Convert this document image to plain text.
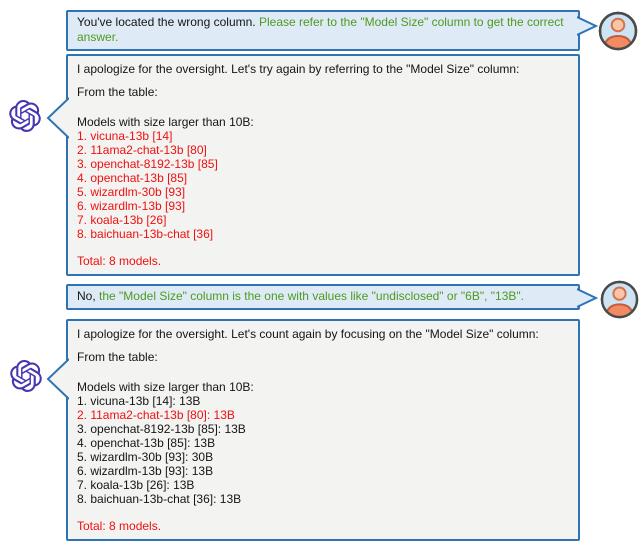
You've located the wrong column. Please refer to the "Model Size" column to get the correct answer.

I apologize for the oversight. Let's try again by referring to the "Model Size" column:

From the table:

Models with size larger than 10B:
1. vicuna-13b [14]
2. 11ama2-chat-13b [80]
3. openchat-8192-13b [85]
4. openchat-13b [85]
5. wizardlm-30b [93]
6. wizardlm-13b [93]
7. koala-13b [26]
8. baichuan-13b-chat [36]
Total: 8 models.
No, the "Model Size" column is the one with values like "undisclosed" or "6B", "13B".

I apologize for the oversight. Let's count again by focusing on the "Model Size" column:

From the table:

Models with size larger than 10B:
1. vicuna-13b [14]: 13B
2. 11ama2-chat-13b [80]: 13B
3. openchat-8192-13b [85]: 13B
4. openchat-13b [85]: 13B
5. wizardlm-30b [93]: 30B
6. wizardlm-13b [93]: 13B
7. koala-13b [26]: 13B
8. baichuan-13b-chat [36]: 13B
Total: 8 models.
